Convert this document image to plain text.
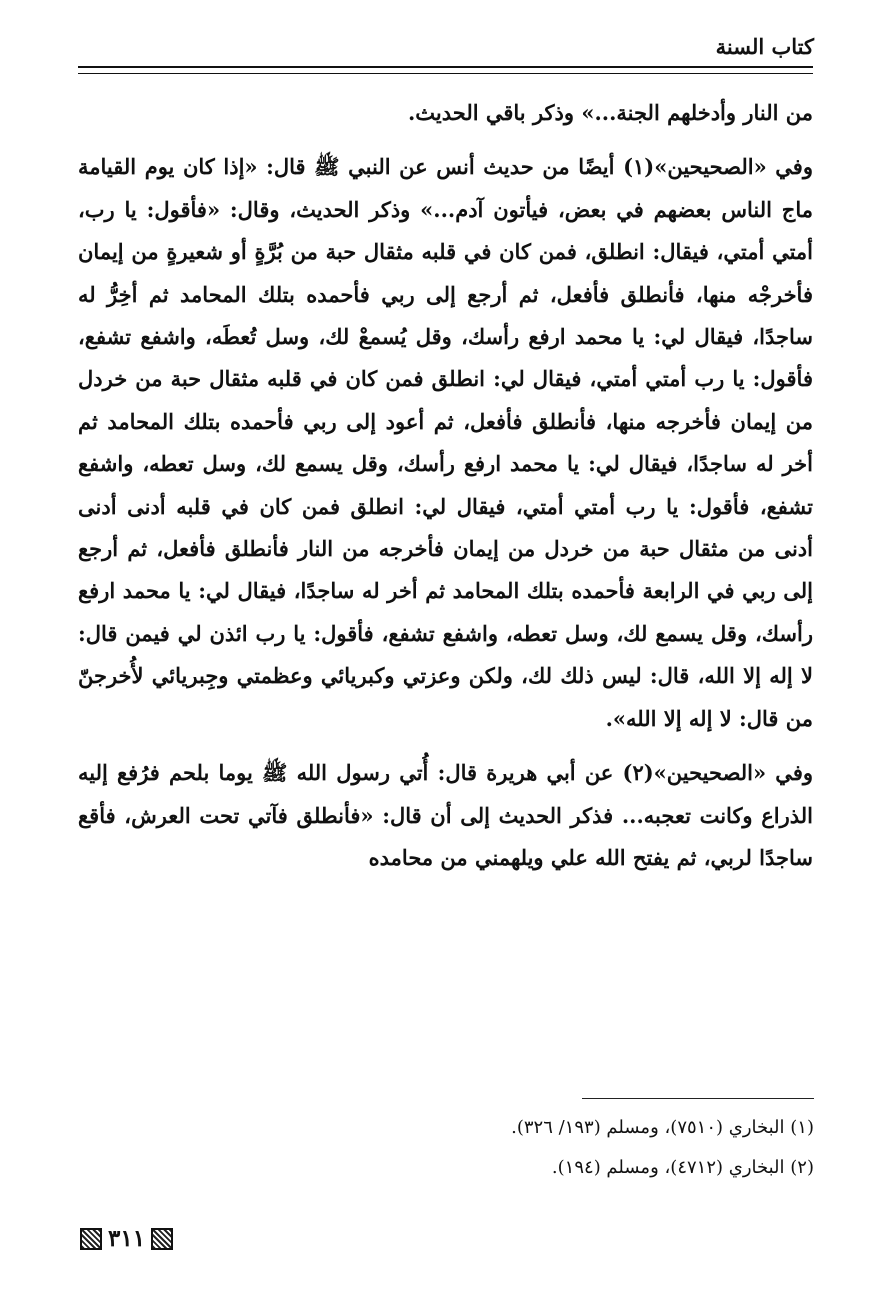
كتاب السنة

من النار وأدخلهم الجنة...» وذكر باقي الحديث.

وفي «الصحيحين»(١) أيضًا من حديث أنس عن النبي ﷺ قال: «إذا كان يوم القيامة ماج الناس بعضهم في بعض، فيأتون آدم...» وذكر الحديث، وقال: «فأقول: يا رب، أمتي أمتي، فيقال: انطلق، فمن كان في قلبه مثقال حبة من بُرَّةٍ أو شعيرةٍ من إيمان فأخرجْه منها، فأنطلق فأفعل، ثم أرجع إلى ربي فأحمده بتلك المحامد ثم أخِرُّ له ساجدًا، فيقال لي: يا محمد ارفع رأسك، وقل يُسمعْ لك، وسل تُعطَه، واشفع تشفع، فأقول: يا رب أمتي أمتي، فيقال لي: انطلق فمن كان في قلبه مثقال حبة من خردل من إيمان فأخرجه منها، فأنطلق فأفعل، ثم أعود إلى ربي فأحمده بتلك المحامد ثم أخر له ساجدًا، فيقال لي: يا محمد ارفع رأسك، وقل يسمع لك، وسل تعطه، واشفع تشفع، فأقول: يا رب أمتي أمتي، فيقال لي: انطلق فمن كان في قلبه أدنى أدنى أدنى من مثقال حبة من خردل من إيمان فأخرجه من النار فأنطلق فأفعل، ثم أرجع إلى ربي في الرابعة فأحمده بتلك المحامد ثم أخر له ساجدًا، فيقال لي: يا محمد ارفع رأسك، وقل يسمع لك، وسل تعطه، واشفع تشفع، فأقول: يا رب ائذن لي فيمن قال: لا إله إلا الله، قال: ليس ذلك لك، ولكن وعزتي وكبريائي وعظمتي وجِبريائي لأُخرجنّ من قال: لا إله إلا الله».

وفي «الصحيحين»(٢) عن أبي هريرة قال: أُتي رسول الله ﷺ يوما بلحم فرُفع إليه الذراع وكانت تعجبه... فذكر الحديث إلى أن قال: «فأنطلق فآتي تحت العرش، فأقع ساجدًا لربي، ثم يفتح الله علي ويلهمني من محامده

(١) البخاري (٧٥١٠)، ومسلم (١٩٣/ ٣٢٦).
(٢) البخاري (٤٧١٢)، ومسلم (١٩٤).
٣١١
